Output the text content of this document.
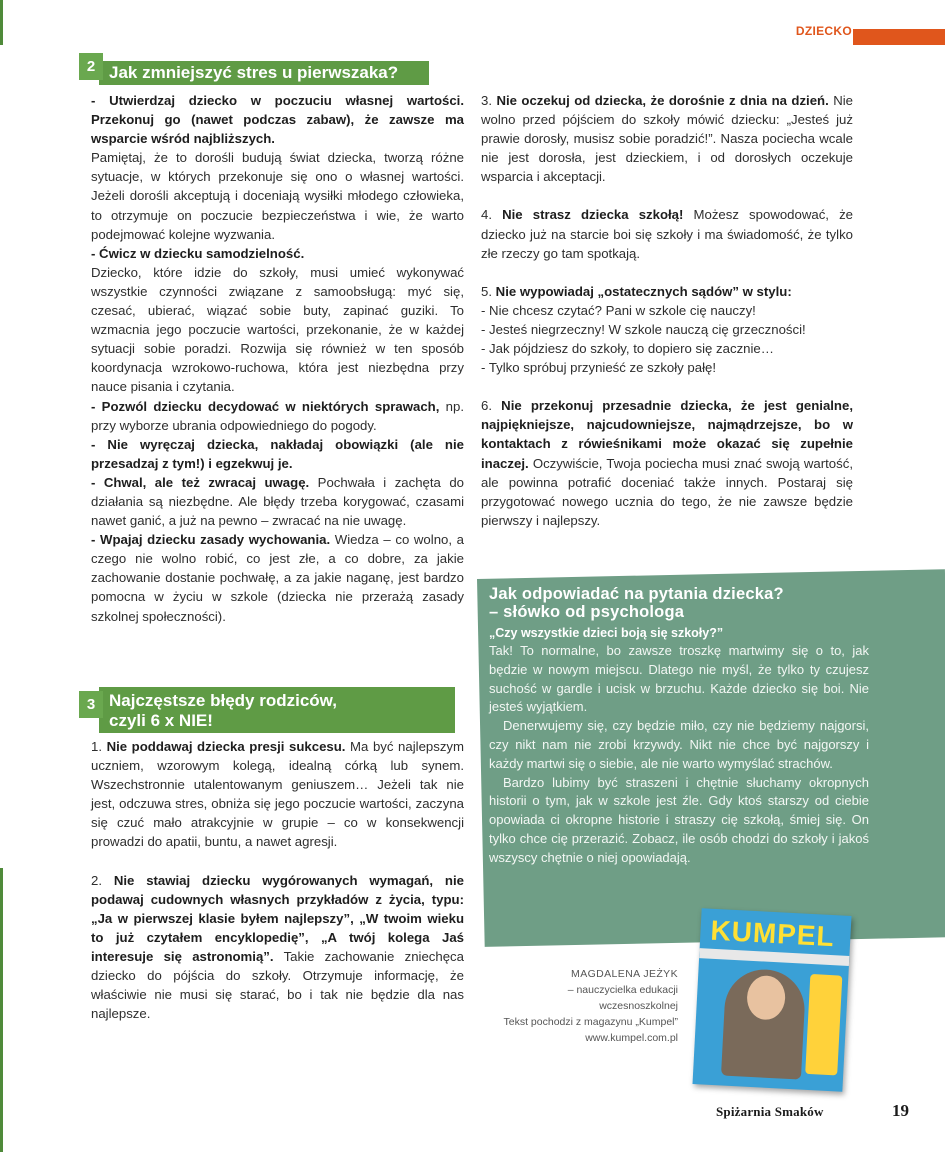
DZIECKO
2 Jak zmniejszyć stres u pierwszaka?

- Utwierdzaj dziecko w poczuciu własnej wartości. Przekonuj go (nawet podczas zabaw), że zawsze ma wsparcie wśród najbliższych.

Pamiętaj, że to dorośli budują świat dziecka, tworzą różne sytuacje, w których przekonuje się ono o własnej wartości. Jeżeli dorośli akceptują i doceniają wysiłki młodego człowieka, to otrzymuje on poczucie bezpieczeństwa i wie, że warto podejmować kolejne wyzwania.

- Ćwicz w dziecku samodzielność.

Dziecko, które idzie do szkoły, musi umieć wykonywać wszystkie czynności związane z samoobsługą: myć się, czesać, ubierać, wiązać sobie buty, zapinać guziki. To wzmacnia jego poczucie wartości, przekonanie, że w każdej sytuacji sobie poradzi. Rozwija się również w ten sposób koordynacja wzrokowo-ruchowa, która jest niezbędna przy nauce pisania i czytania.

- Pozwól dziecku decydować w niektórych sprawach, np. przy wyborze ubrania odpowiedniego do pogody.

- Nie wyręczaj dziecka, nakładaj obowiązki (ale nie przesadzaj z tym!) i egzekwuj je.

- Chwal, ale też zwracaj uwagę. Pochwała i zachęta do działania są niezbędne. Ale błędy trzeba korygować, czasami nawet ganić, a już na pewno – zwracać na nie uwagę.

- Wpajaj dziecku zasady wychowania. Wiedza – co wolno, a czego nie wolno robić, co jest złe, a co dobre, za jakie zachowanie dostanie pochwałę, a za jakie naganę, jest bardzo pomocna w życiu w szkole (dziecka nie przerażą zasady szkolnej społeczności).

3 Najczęstsze błędy rodziców,
czyli 6 x NIE!

1. Nie poddawaj dziecka presji sukcesu. Ma być najlepszym uczniem, wzorowym kolegą, idealną córką lub synem. Wszechstronnie utalentowanym geniuszem… Jeżeli tak nie jest, odczuwa stres, obniża się jego poczucie wartości, zaczyna się czuć mało atrakcyjnie w grupie – co w konsekwencji prowadzi do apatii, buntu, a nawet agresji.

2. Nie stawiaj dziecku wygórowanych wymagań, nie podawaj cudownych własnych przykładów z życia, typu: „Ja w pierwszej klasie byłem najlepszy”, „W twoim wieku to już czytałem encyklopedię”, „A twój kolega Jaś interesuje się astronomią”. Takie zachowanie zniechęca dziecko do pójścia do szkoły. Otrzymuje informację, że właściwie nie musi się starać, bo i tak nie będzie dla nas najlepsze.

3. Nie oczekuj od dziecka, że dorośnie z dnia na dzień. Nie wolno przed pójściem do szkoły mówić dziecku: „Jesteś już prawie dorosły, musisz sobie poradzić!”. Nasza pociecha wcale nie jest dorosła, jest dzieckiem, i od dorosłych oczekuje wsparcia i akceptacji.

4. Nie strasz dziecka szkołą! Możesz spowodować, że dziecko już na starcie boi się szkoły i ma świadomość, że tylko złe rzeczy go tam spotkają.

5. Nie wypowiadaj „ostatecznych sądów” w stylu:

- Nie chcesz czytać? Pani w szkole cię nauczy!

- Jesteś niegrzeczny! W szkole nauczą cię grzeczności!

- Jak pójdziesz do szkoły, to dopiero się zacznie…

- Tylko spróbuj przynieść ze szkoły pałę!

6. Nie przekonuj przesadnie dziecka, że jest genialne, najpiękniejsze, najcudowniejsze, najmądrzejsze, bo w kontaktach z rówieśnikami może okazać się zupełnie inaczej. Oczywiście, Twoja pociecha musi znać swoją wartość, ale powinna potrafić doceniać także innych. Postaraj się przygotować nowego ucznia do tego, że nie zawsze będzie pierwszy i najlepszy.

Jak odpowiadać na pytania dziecka?
– słówko od psychologa
„Czy wszystkie dzieci boją się szkoły?”

Tak! To normalne, bo zawsze troszkę martwimy się o to, jak będzie w nowym miejscu. Dlatego nie myśl, że tylko ty czujesz suchość w gardle i ucisk w brzuchu. Każde dziecko się boi. Nie jesteś wyjątkiem.

Denerwujemy się, czy będzie miło, czy nie będziemy najgorsi, czy nikt nam nie zrobi krzywdy. Nikt nie chce być najgorszy i każdy martwi się o siebie, ale nie warto wymyślać strachów.

Bardzo lubimy być straszeni i chętnie słuchamy okropnych historii o tym, jak w szkole jest źle. Gdy ktoś starszy od ciebie opowiada ci okropne historie i straszy cię szkołą, śmiej się. On tylko chce cię przerazić. Zobacz, ile osób chodzi do szkoły i jakoś wszyscy chętnie o niej opowiadają.

MAGDALENA JEŻYK
– nauczycielka edukacji
wczesnoszkolnej
Tekst pochodzi z magazynu „Kumpel”
www.kumpel.com.pl
KUMPEL
Spiżarnia Smaków	19
